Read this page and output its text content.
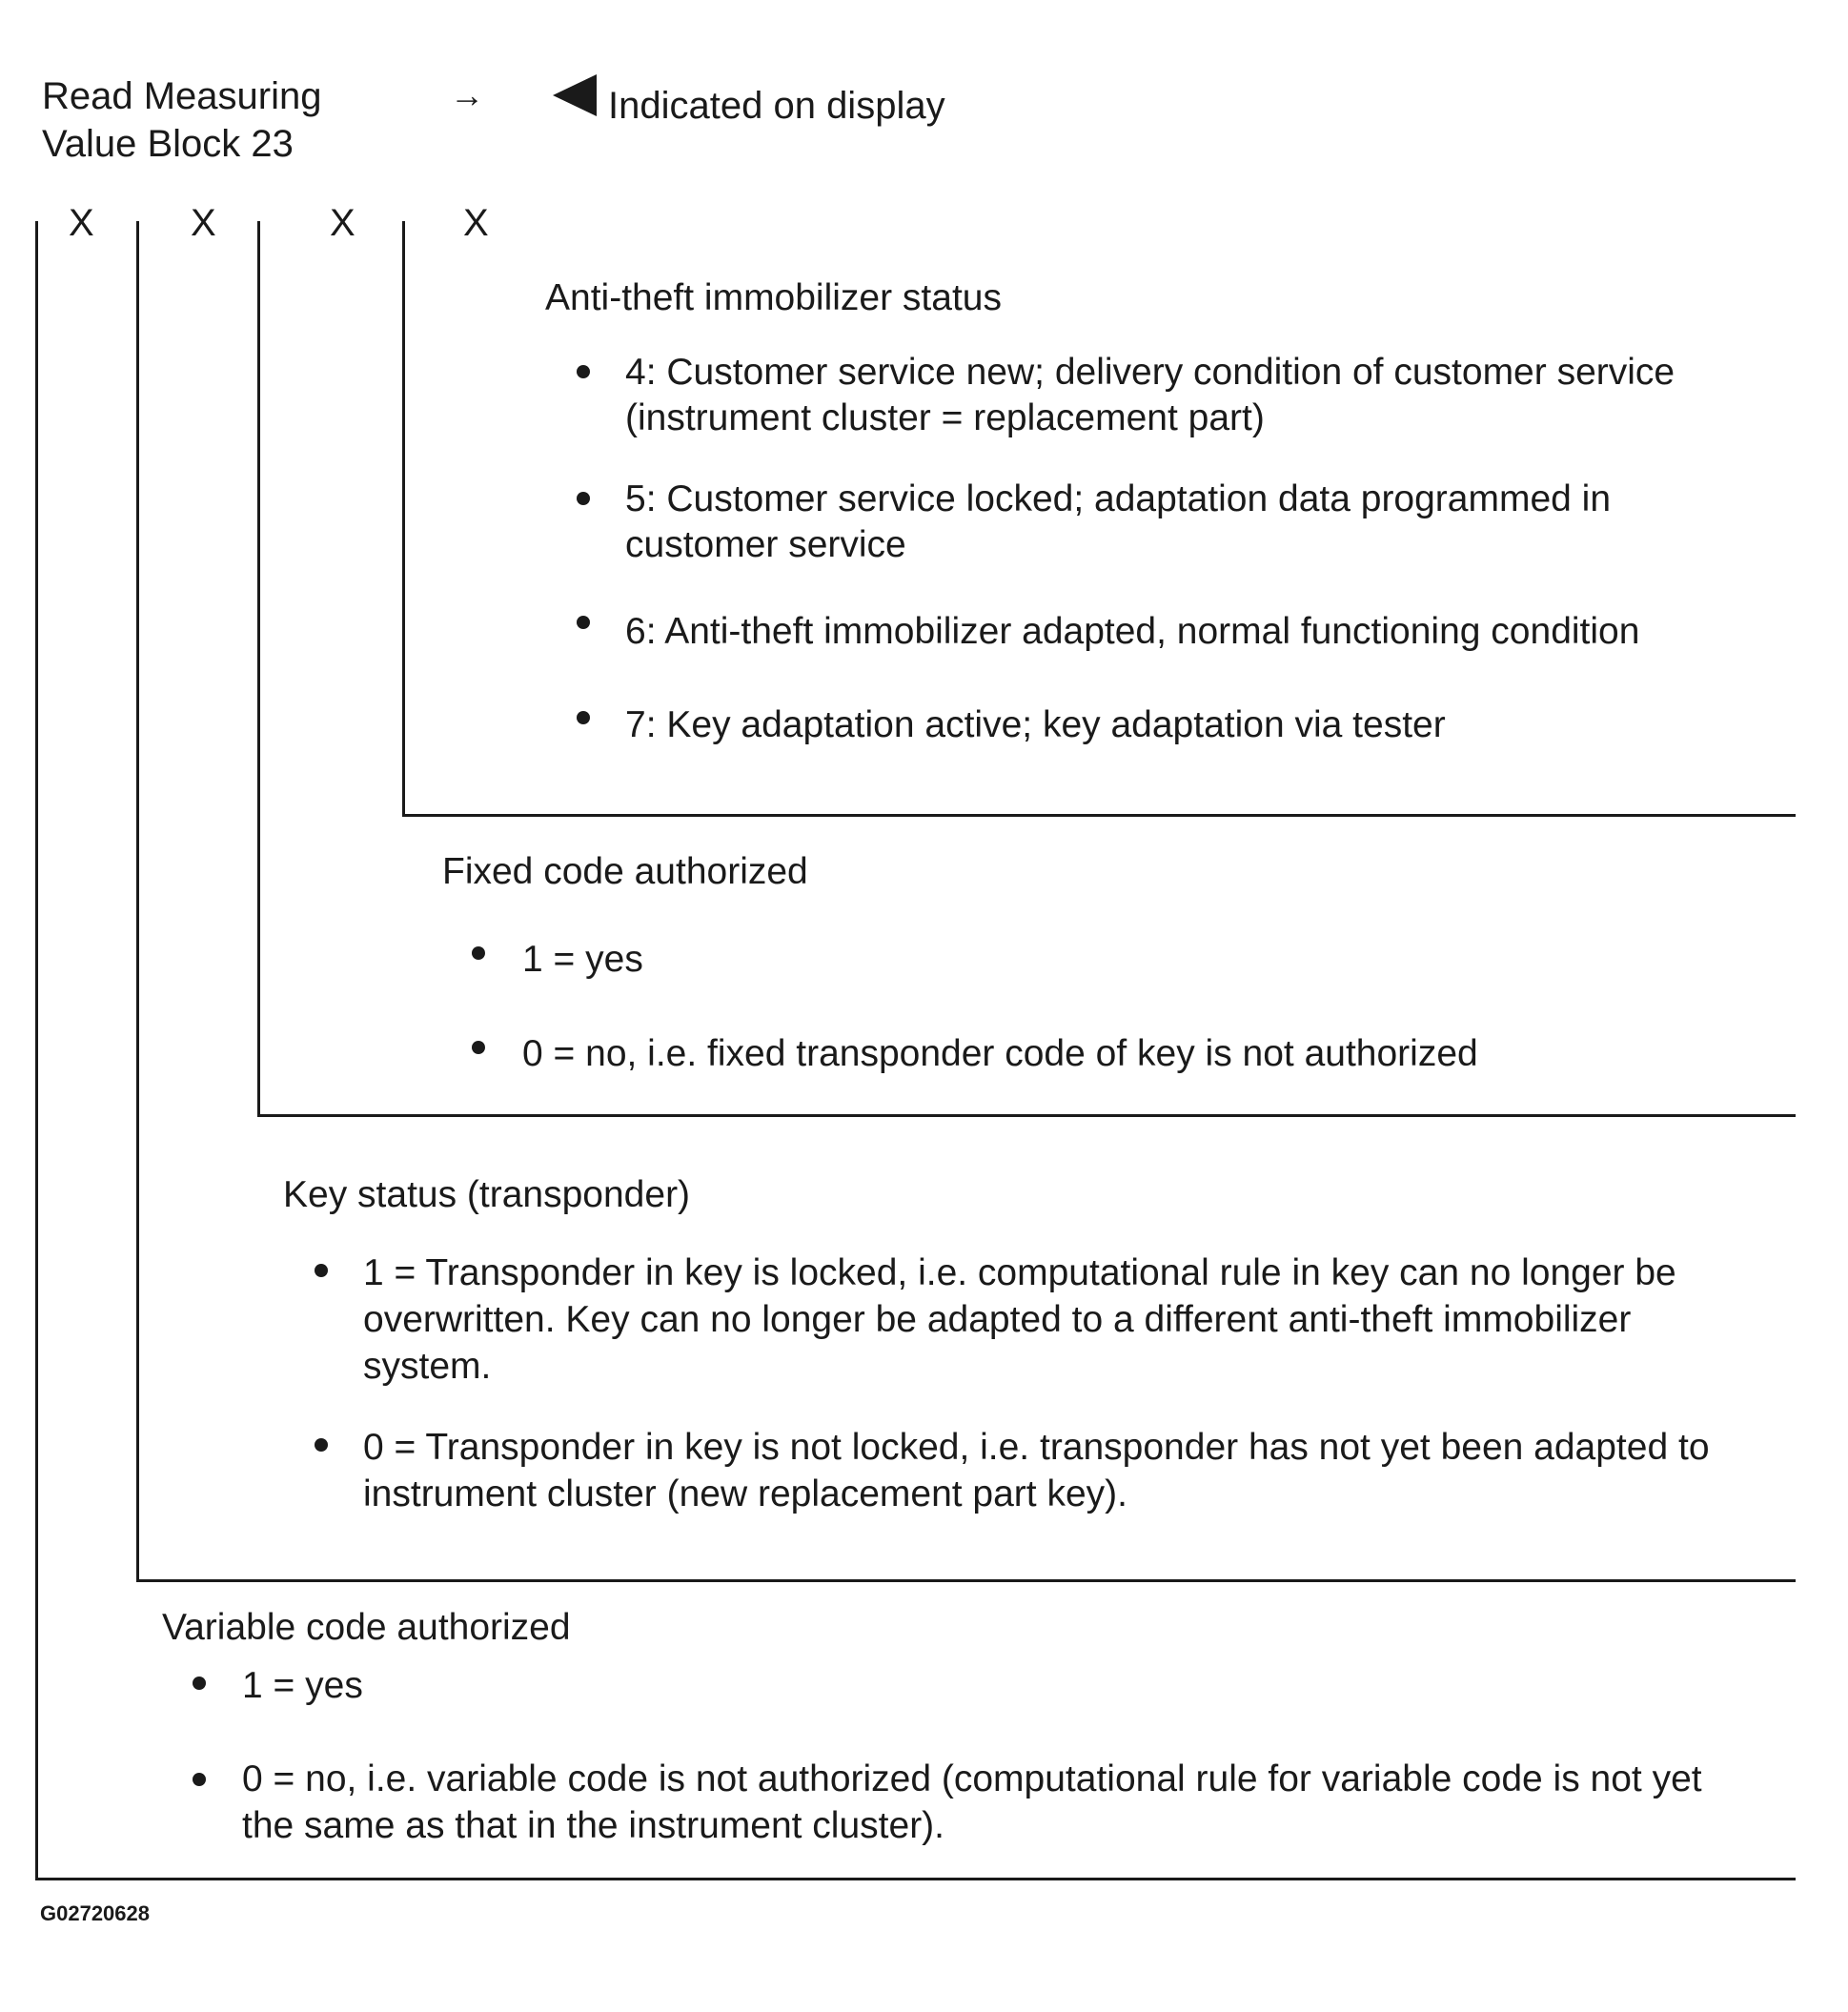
Read Measuring
Value Block 23
→	Indicated on display
X	X	X	X
Anti-theft immobilizer status
4: Customer service new; delivery condition of customer service
(instrument cluster = replacement part)
5: Customer service locked; adaptation data programmed in
customer service
6: Anti-theft immobilizer adapted, normal functioning condition
7: Key adaptation active; key adaptation via tester
Fixed code authorized
1 = yes
0 = no, i.e. fixed transponder code of key is not authorized
Key status (transponder)
1 = Transponder in key is locked, i.e. computational rule in key can no longer be
overwritten. Key can no longer be adapted to a different anti-theft immobilizer
system.
0 = Transponder in key is not locked, i.e. transponder has not yet been adapted to
instrument cluster (new replacement part key).
Variable code authorized
1 = yes
0 = no, i.e. variable code is not authorized (computational rule for variable code is not yet
the same as that in the instrument cluster).
G02720628
